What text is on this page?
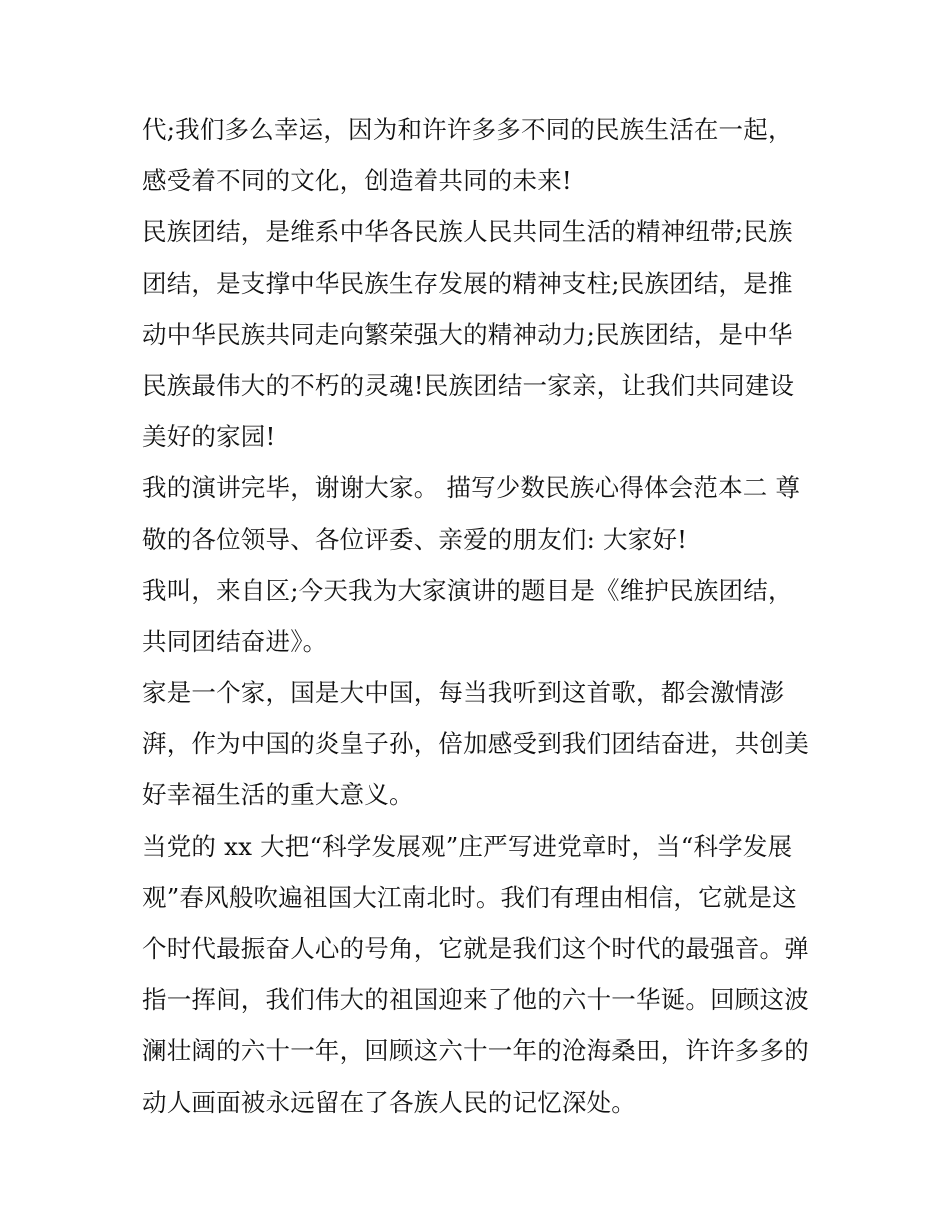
代;我们多么幸运，因为和许许多多不同的民族生活在一起，
感受着不同的文化，创造着共同的未来!
民族团结，是维系中华各民族人民共同生活的精神纽带;民族
团结，是支撑中华民族生存发展的精神支柱;民族团结，是推
动中华民族共同走向繁荣强大的精神动力;民族团结，是中华
民族最伟大的不朽的灵魂!民族团结一家亲，让我们共同建设
美好的家园!
我的演讲完毕，谢谢大家。 描写少数民族心得体会范本二 尊
敬的各位领导、各位评委、亲爱的朋友们: 大家好!
我叫，来自区;今天我为大家演讲的题目是《维护民族团结，
共同团结奋进》。
家是一个家，国是大中国，每当我听到这首歌，都会激情澎
湃，作为中国的炎皇子孙，倍加感受到我们团结奋进，共创美
好幸福生活的重大意义。
当党的 xx 大把“科学发展观”庄严写进党章时，当“科学发展
观”春风般吹遍祖国大江南北时。我们有理由相信，它就是这
个时代最振奋人心的号角，它就是我们这个时代的最强音。弹
指一挥间，我们伟大的祖国迎来了他的六十一华诞。回顾这波
澜壮阔的六十一年，回顾这六十一年的沧海桑田，许许多多的
动人画面被永远留在了各族人民的记忆深处。
